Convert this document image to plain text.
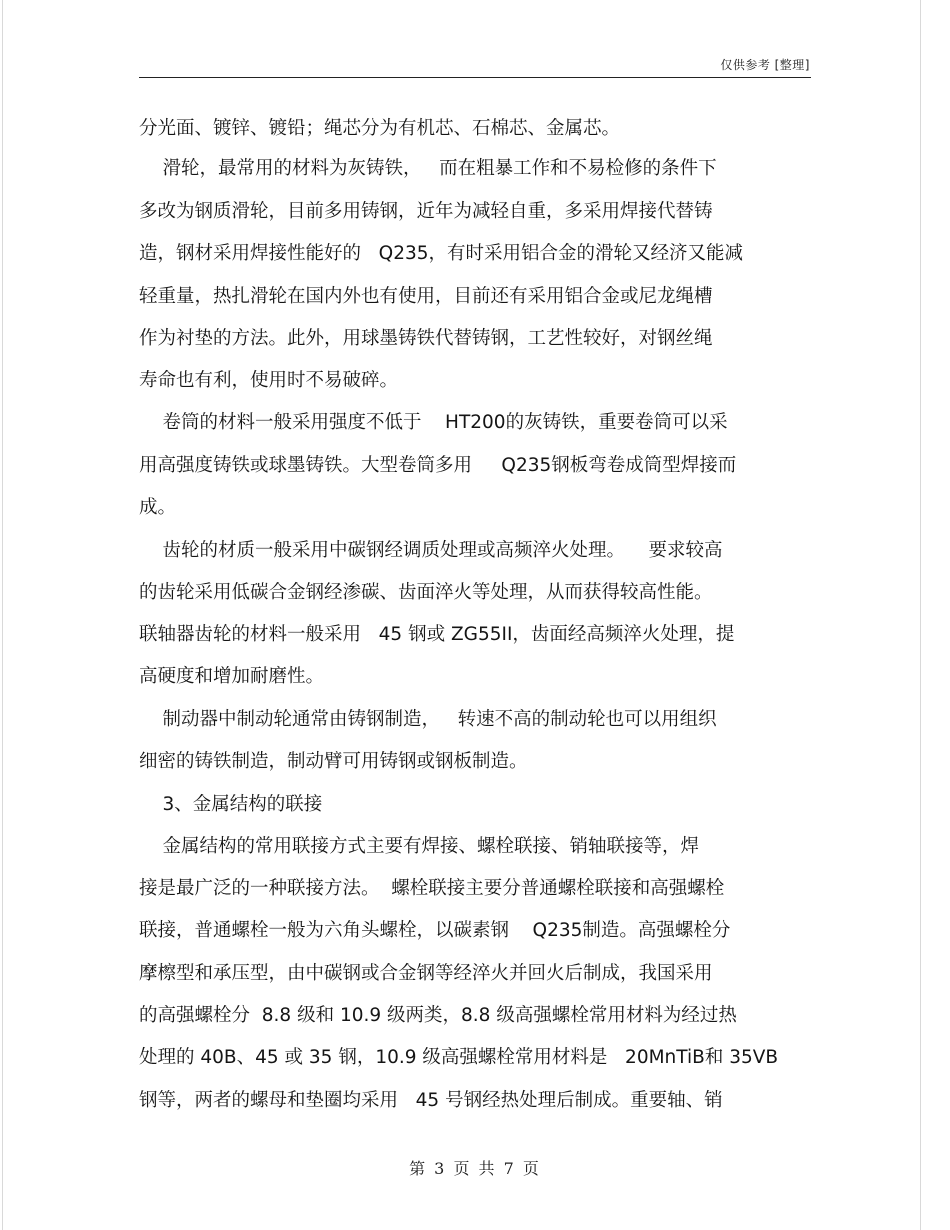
仅供参考 [整理]
分光面、镀锌、镀铅；绳芯分为有机芯、石棉芯、金属芯。
滑轮，最常用的材料为灰铸铁，   而在粗暴工作和不易检修的条件下
多改为钢质滑轮，目前多用铸钢，近年为减轻自重，多采用焊接代替铸
造，钢材采用焊接性能好的   Q235，有时采用铝合金的滑轮又经济又能减
轻重量，热扎滑轮在国内外也有使用，目前还有采用铝合金或尼龙绳槽
作为衬垫的方法。此外，用球墨铸铁代替铸钢，工艺性较好，对钢丝绳
寿命也有利，使用时不易破碎。
卷筒的材料一般采用强度不低于    HT200的灰铸铁，重要卷筒可以采
用高强度铸铁或球墨铸铁。大型卷筒多用     Q235钢板弯卷成筒型焊接而
成。
齿轮的材质一般采用中碳钢经调质处理或高频淬火处理。    要求较高
的齿轮采用低碳合金钢经渗碳、齿面淬火等处理，从而获得较高性能。
联轴器齿轮的材料一般采用   45 钢或 ZG55II，齿面经高频淬火处理，提
高硬度和增加耐磨性。
制动器中制动轮通常由铸钢制造，   转速不高的制动轮也可以用组织
细密的铸铁制造，制动臂可用铸钢或钢板制造。
3、金属结构的联接
金属结构的常用联接方式主要有焊接、螺栓联接、销轴联接等，焊
接是最广泛的一种联接方法。  螺栓联接主要分普通螺栓联接和高强螺栓
联接，普通螺栓一般为六角头螺栓，以碳素钢    Q235制造。高强螺栓分
摩檫型和承压型，由中碳钢或合金钢等经淬火并回火后制成，我国采用
的高强螺栓分  8.8 级和 10.9 级两类，8.8 级高强螺栓常用材料为经过热
处理的 40B、45 或 35 钢，10.9 级高强螺栓常用材料是   20MnTiB和 35VB
钢等，两者的螺母和垫圈均采用   45 号钢经热处理后制成。重要轴、销
第 3 页 共 7 页
